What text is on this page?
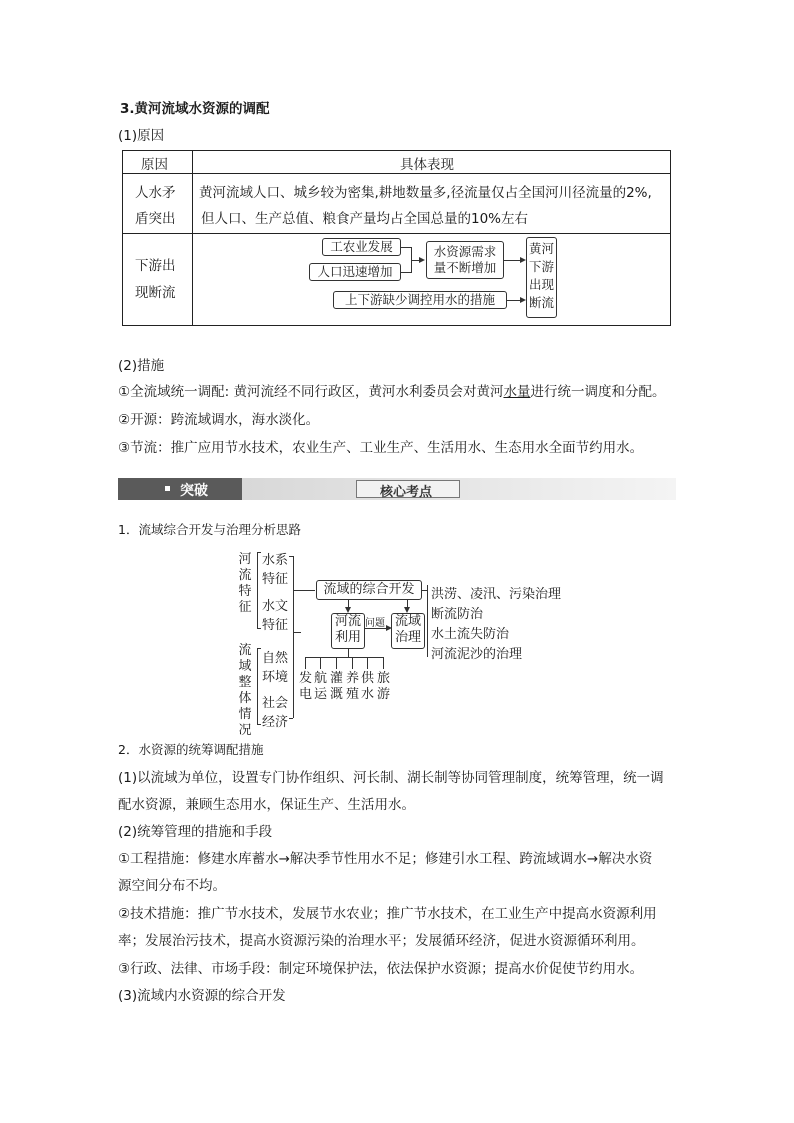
3.黄河流域水资源的调配
(1)原因
原因	具体表现
人水矛
盾突出
黄河流域人口、城乡较为密集,耕地数量多,径流量仅占全国河川径流量的2%,
但人口、生产总值、粮食产量均占全国总量的10%左右
下游出
现断流
工农业发展
人口迅速增加
水资源需求
量不断增加
上下游缺少调控用水的措施
黄河
下游
出现
断流
(2)措施
①全流域统一调配: 黄河流经不同行政区，黄河水利委员会对黄河水量进行统一调度和分配。
②开源：跨流域调水，海水淡化。
③节流：推广应用节水技术，农业生产、工业生产、生活用水、生态用水全面节约用水。
突破	核心考点
1．流域综合开发与治理分析思路
河流特征
流域整体情况
水系
特征
水文
特征
自然
环境
社会
经济
流域的综合开发
河流
利用
问题 流域
治理
洪涝、凌汛、污染治理
断流防治
水土流失防治
河流泥沙的治理
发电
航运
灌溉
养殖
供水
旅游
2．水资源的统筹调配措施
(1)以流域为单位，设置专门协作组织、河长制、湖长制等协同管理制度，统筹管理，统一调
配水资源，兼顾生态用水，保证生产、生活用水。
(2)统筹管理的措施和手段
①工程措施：修建水库蓄水→解决季节性用水不足；修建引水工程、跨流域调水→解决水资
源空间分布不均。
②技术措施：推广节水技术，发展节水农业；推广节水技术，在工业生产中提高水资源利用
率；发展治污技术，提高水资源污染的治理水平；发展循环经济，促进水资源循环利用。
③行政、法律、市场手段：制定环境保护法，依法保护水资源；提高水价促使节约用水。
(3)流域内水资源的综合开发
